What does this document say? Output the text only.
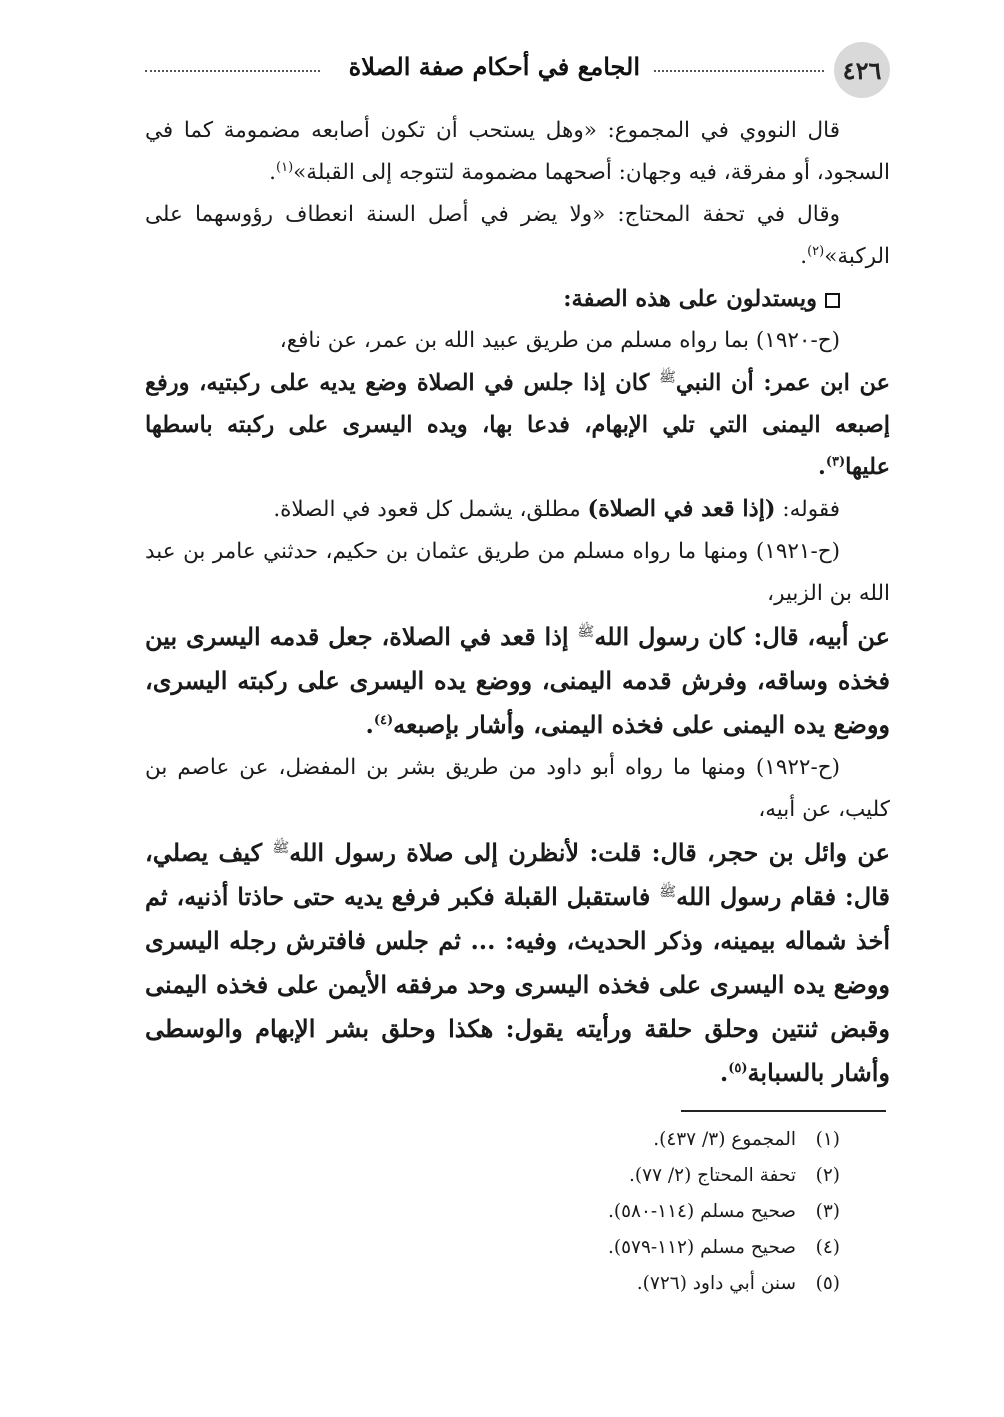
٤٢٦
الجامع في أحكام صفة الصلاة

قال النووي في المجموع: «وهل يستحب أن تكون أصابعه مضمومة كما في السجود، أو مفرقة، فيه وجهان: أصحهما مضمومة لتتوجه إلى القبلة»$^{(١)}$.

وقال في تحفة المحتاج: «ولا يضر في أصل السنة انعطاف رؤوسهما على الركبة»$^{(٢)}$.

ويستدلون على هذه الصفة:

(ح-١٩٢٠) بما رواه مسلم من طريق عبيد الله بن عمر، عن نافع،

عن ابن عمر: أن النبي$^ﷺ$ كان إذا جلس في الصلاة وضع يديه على ركبتيه، ورفع إصبعه اليمنى التي تلي الإبهام، فدعا بها، ويده اليسرى على ركبته باسطها عليها$^{(٣)}$.

فقوله: (إذا قعد في الصلاة) مطلق، يشمل كل قعود في الصلاة.

(ح-١٩٢١) ومنها ما رواه مسلم من طريق عثمان بن حكيم، حدثني عامر بن عبد الله بن الزبير،

عن أبيه، قال: كان رسول الله$^ﷺ$ إذا قعد في الصلاة، جعل قدمه اليسرى بين فخذه وساقه، وفرش قدمه اليمنى، ووضع يده اليسرى على ركبته اليسرى، ووضع يده اليمنى على فخذه اليمنى، وأشار بإصبعه$^{(٤)}$.

(ح-١٩٢٢) ومنها ما رواه أبو داود من طريق بشر بن المفضل، عن عاصم بن كليب، عن أبيه،

عن وائل بن حجر، قال: قلت: لأنظرن إلى صلاة رسول الله$^ﷺ$ كيف يصلي، قال: فقام رسول الله$^ﷺ$ فاستقبل القبلة فكبر فرفع يديه حتى حاذتا أذنيه، ثم أخذ شماله بيمينه، وذكر الحديث، وفيه: ... ثم جلس فافترش رجله اليسرى ووضع يده اليسرى على فخذه اليسرى وحد مرفقه الأيمن على فخذه اليمنى وقبض ثنتين وحلق حلقة ورأيته يقول: هكذا وحلق بشر الإبهام والوسطى وأشار بالسبابة$^{(٥)}$.

(١)المجموع (٣/ ٤٣٧).
(٢)تحفة المحتاج (٢/ ٧٧).
(٣)صحيح مسلم (١١٤-٥٨٠).
(٤)صحيح مسلم (١١٢-٥٧٩).
(٥)سنن أبي داود (٧٢٦).
